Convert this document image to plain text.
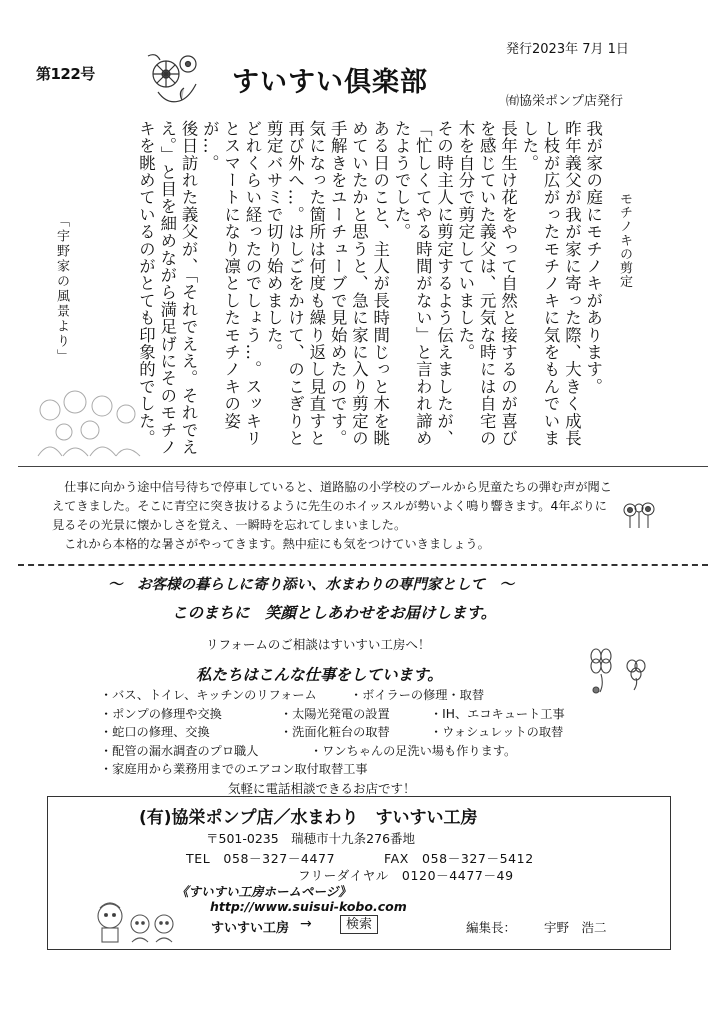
第122号	すいすい倶楽部
発行2023年 7月 1日
㈲協栄ポンプ店発行
モチノキの剪定

我が家の庭にモチノキがあります。

昨年義父が我が家に寄った際、大きく成長し枝が広がったモチノキに気をもんでいました。

長年生け花をやって自然と接するのが喜びを感じていた義父は、元気な時には自宅の木を自分で剪定していました。

その時主人に剪定するよう伝えましたが、「忙しくてやる時間がない」と言われ諦めたようでした。

ある日のこと、主人が長時間じっと木を眺めていたかと思うと、急に家に入り剪定の手解きをユーチューブで見始めたのです。気になった箇所は何度も繰り返し見直すと再び外へ…。はしごをかけて、のこぎりと剪定バサミで切り始めました。

どれくらい経ったのでしょう…。スッキリとスマートになり凛としたモチノキの姿が…。

後日訪れた義父が、「それでええ。それでええ。」と目を細めながら満足げにそのモチノキを眺めているのがとても印象的でした。

「宇野家の風景より」

　仕事に向かう途中信号待ちで停車していると、道路脇の小学校のプールから児童たちの弾む声が聞こえてきました。そこに青空に突き抜けるように先生のホイッスルが勢いよく鳴り響きます。4年ぶりに見るその光景に懐かしさを覚え、一瞬時を忘れてしまいました。

　これから本格的な暑さがやってきます。熱中症にも気をつけていきましょう。

～　お客様の暮らしに寄り添い、水まわりの専門家として　～
このまちに　笑顔としあわせをお届けします。
リフォームのご相談はすいすい工房へ！
私たちはこんな仕事をしています。
・バス、トイレ、キッチンのリフォーム	・ボイラーの修理・取替
・ポンプの修理や交換	・太陽光発電の設置	・IH、エコキュート工事
・蛇口の修理、交換	・洗面化粧台の取替	・ウォシュレットの取替
・配管の漏水調査のプロ職人	・ワンちゃんの足洗い場も作ります。
・家庭用から業務用までのエアコン取付取替工事
気軽に電話相談できるお店です！
(有)協栄ポンプ店／水まわり　すいすい工房
〒501-0235　瑞穂市十九条276番地
TEL　058－327－4477	FAX　058－327－5412
フリーダイヤル　0120－4477－49
《すいすい工房ホームページ》
http://www.suisui-kobo.com
すいすい工房 →	検索	編集長： 宇野　浩二
